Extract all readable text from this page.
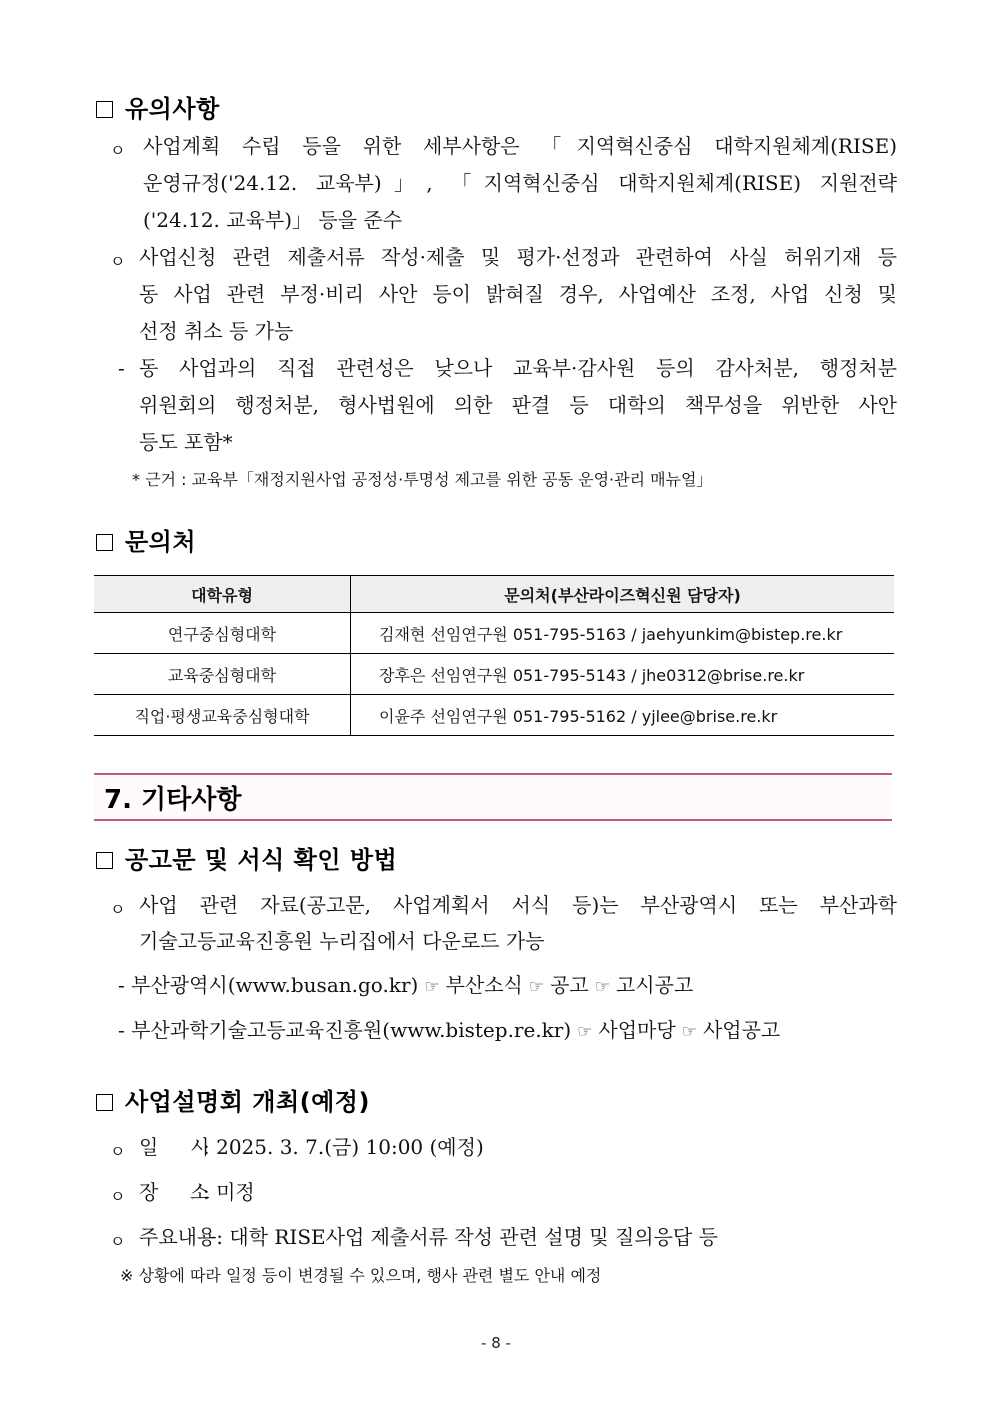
유의사항
ㅇ 사업계획 수립 등을 위한 세부사항은 「지역혁신중심 대학지원체계(RISE)
운영규정('24.12. 교육부)」, 「지역혁신중심 대학지원체계(RISE) 지원전략
('24.12. 교육부)」 등을 준수
ㅇ 사업신청 관련 제출서류 작성·제출 및 평가·선정과 관련하여 사실 허위기재 등
동 사업 관련 부정·비리 사안 등이 밝혀질 경우, 사업예산 조정, 사업 신청 및
선정 취소 등 가능
- 동 사업과의 직접 관련성은 낮으나 교육부·감사원 등의 감사처분, 행정처분
위원회의 행정처분, 형사법원에 의한 판결 등 대학의 책무성을 위반한 사안
등도 포함*
* 근거 : 교육부「재정지원사업 공정성·투명성 제고를 위한 공동 운영·관리 매뉴얼」
문의처
대학유형	문의처(부산라이즈혁신원 담당자)
연구중심형대학	김재현 선임연구원 051-795-5163 / jaehyunkim@bistep.re.kr
교육중심형대학	장후은 선임연구원 051-795-5143 / jhe0312@brise.re.kr
직업·평생교육중심형대학	이윤주 선임연구원 051-795-5162 / yjlee@brise.re.kr
7. 기타사항
공고문 및 서식 확인 방법
ㅇ 사업 관련 자료(공고문, 사업계획서 서식 등)는 부산광역시 또는 부산과학
기술고등교육진흥원 누리집에서 다운로드 가능
- 부산광역시(www.busan.go.kr) ☞ 부산소식 ☞ 공고 ☞ 고시공고
- 부산과학기술고등교육진흥원(www.bistep.re.kr) ☞ 사업마당 ☞ 사업공고
사업설명회 개최(예정)
ㅇ 일     시: 2025. 3. 7.(금) 10:00 (예정)
ㅇ 장     소: 미정
ㅇ 주요내용: 대학 RISE사업 제출서류 작성 관련 설명 및 질의응답 등
※ 상황에 따라 일정 등이 변경될 수 있으며, 행사 관련 별도 안내 예정
- 8 -
